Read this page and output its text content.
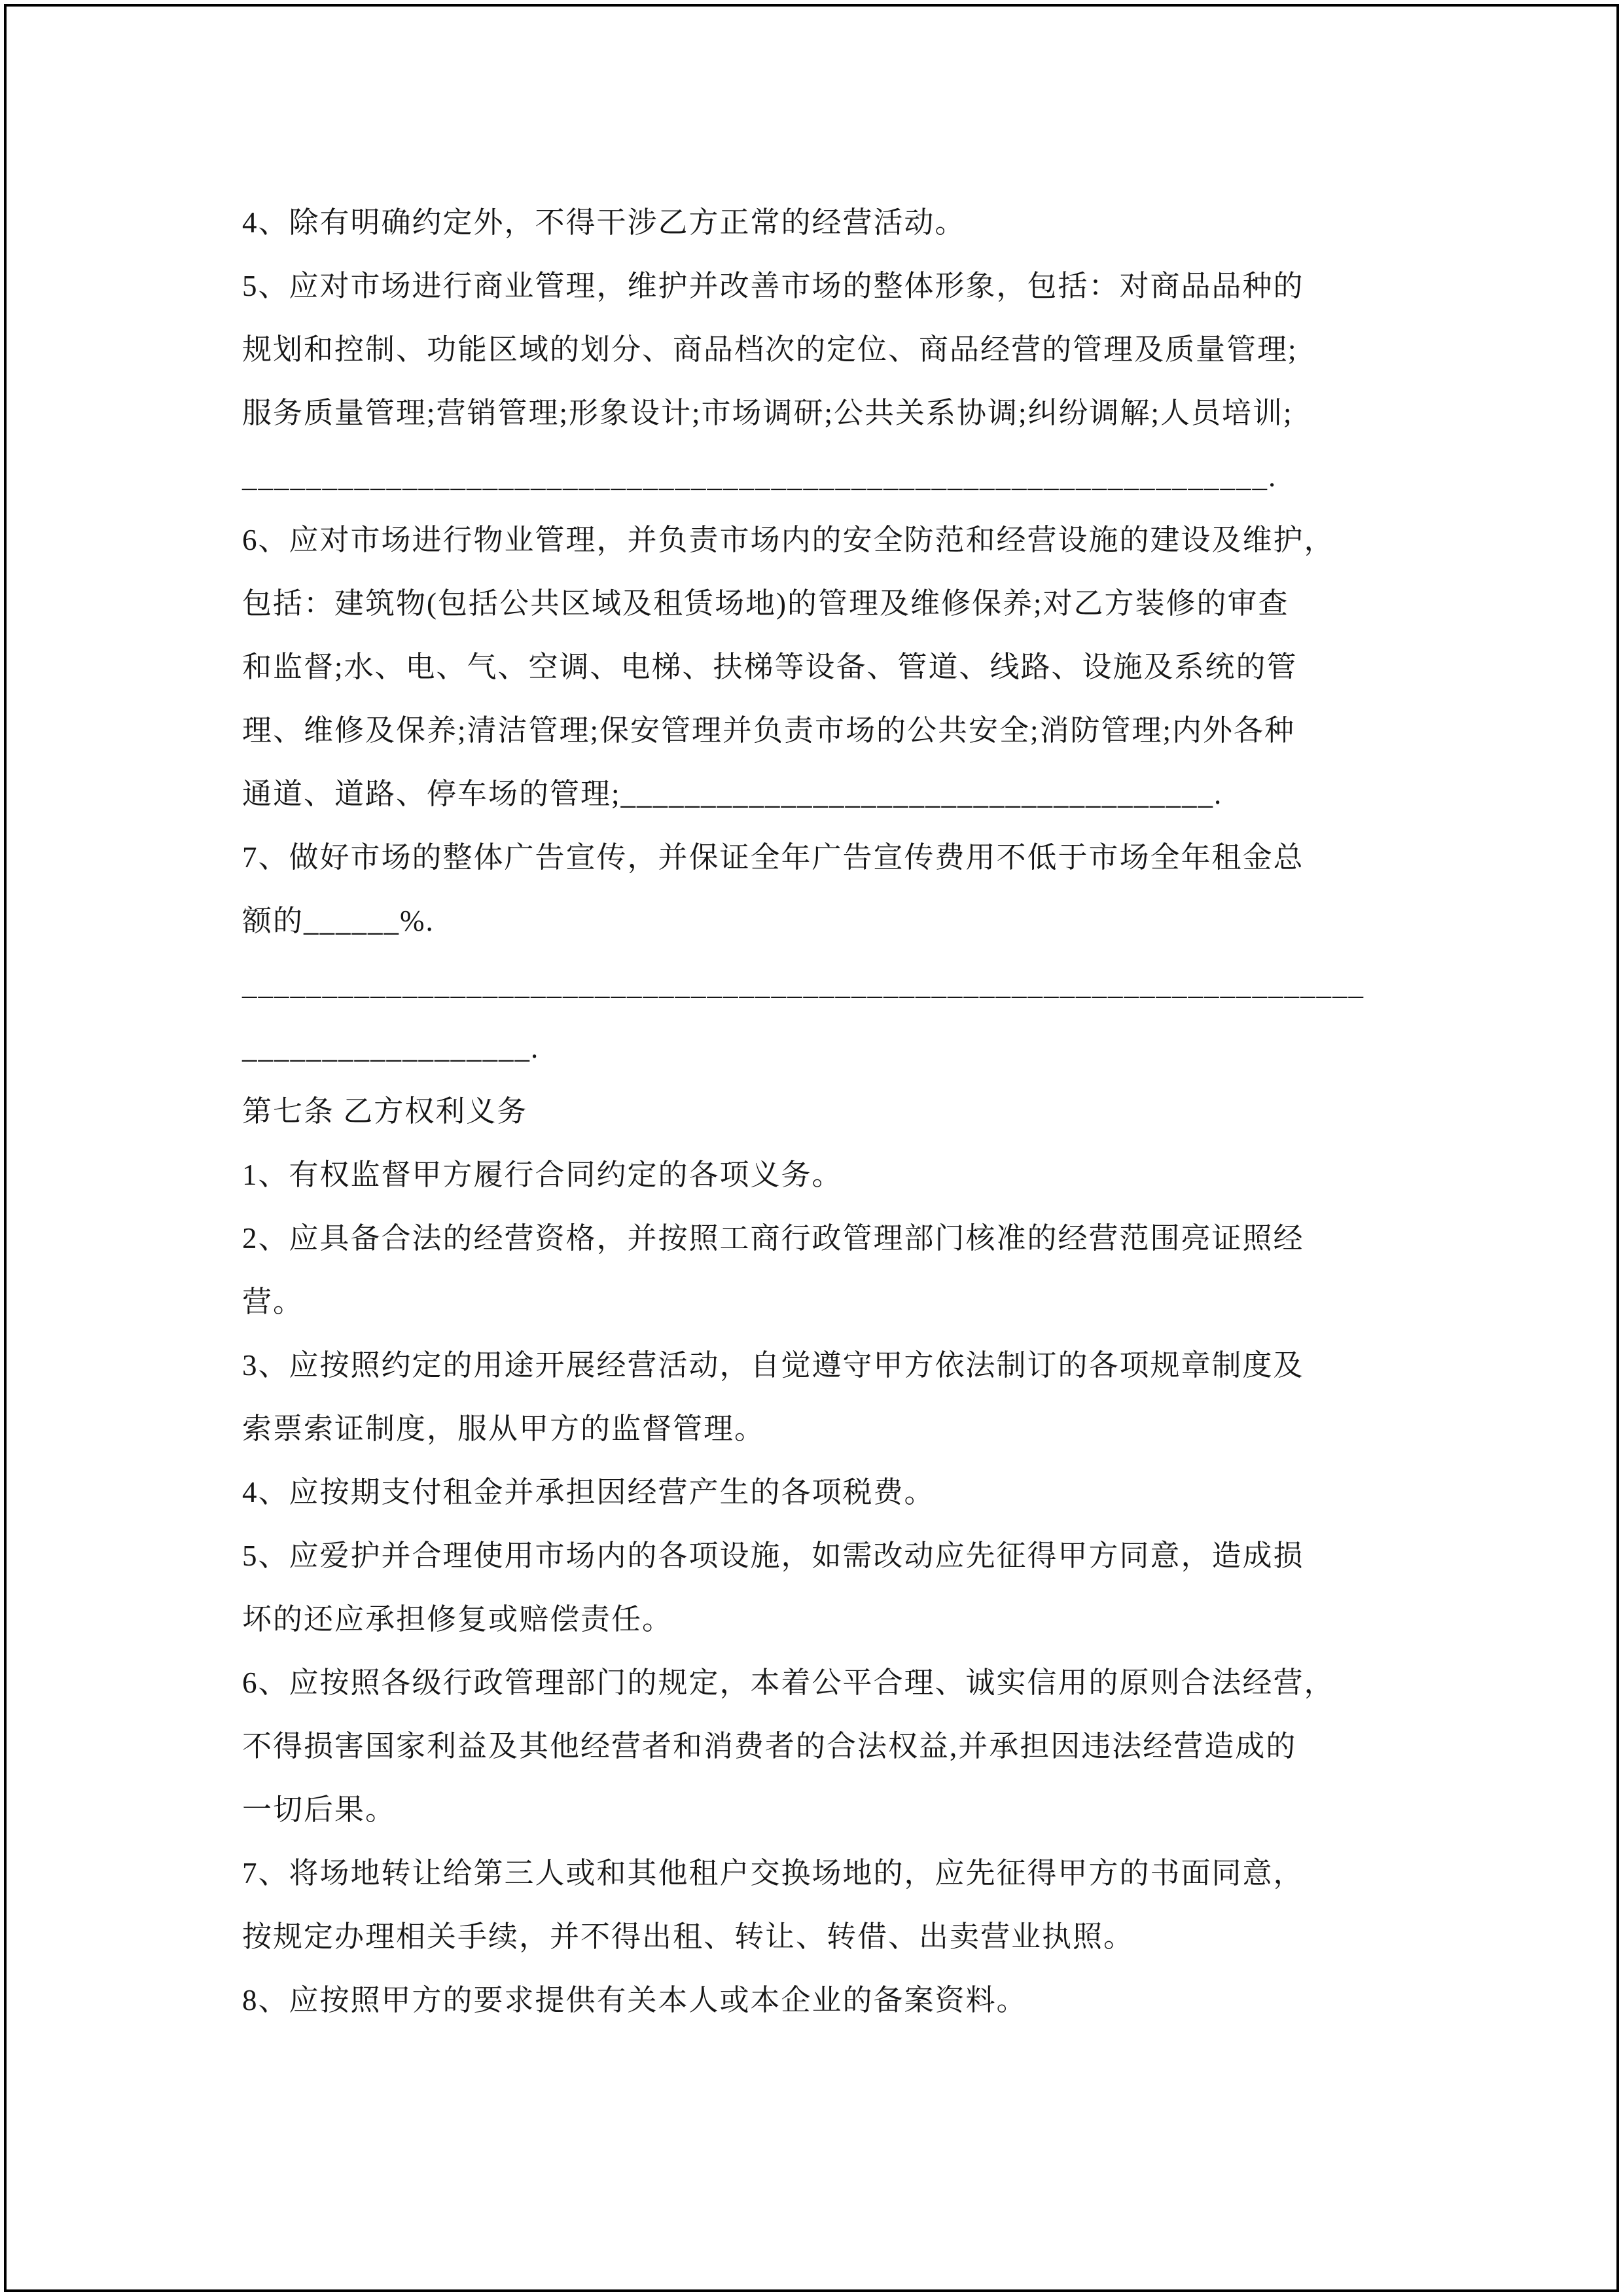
4、除有明确约定外，不得干涉乙方正常的经营活动。

5、应对市场进行商业管理，维护并改善市场的整体形象，包括：对商品品种的

规划和控制、功能区域的划分、商品档次的定位、商品经营的管理及质量管理;

服务质量管理;营销管理;形象设计;市场调研;公共关系协调;纠纷调解;人员培训;

________________________________________________________________.

6、应对市场进行物业管理，并负责市场内的安全防范和经营设施的建设及维护，

包括：建筑物(包括公共区域及租赁场地)的管理及维修保养;对乙方装修的审查

和监督;水、电、气、空调、电梯、扶梯等设备、管道、线路、设施及系统的管

理、维修及保养;清洁管理;保安管理并负责市场的公共安全;消防管理;内外各种

通道、道路、停车场的管理;_____________________________________.

7、做好市场的整体广告宣传，并保证全年广告宣传费用不低于市场全年租金总

额的______%.

______________________________________________________________________

__________________.

第七条 乙方权利义务

1、有权监督甲方履行合同约定的各项义务。

2、应具备合法的经营资格，并按照工商行政管理部门核准的经营范围亮证照经

营。

3、应按照约定的用途开展经营活动，自觉遵守甲方依法制订的各项规章制度及

索票索证制度，服从甲方的监督管理。

4、应按期支付租金并承担因经营产生的各项税费。

5、应爱护并合理使用市场内的各项设施，如需改动应先征得甲方同意，造成损

坏的还应承担修复或赔偿责任。

6、应按照各级行政管理部门的规定，本着公平合理、诚实信用的原则合法经营，

不得损害国家利益及其他经营者和消费者的合法权益,并承担因违法经营造成的

一切后果。

7、将场地转让给第三人或和其他租户交换场地的，应先征得甲方的书面同意，

按规定办理相关手续，并不得出租、转让、转借、出卖营业执照。

8、应按照甲方的要求提供有关本人或本企业的备案资料。
